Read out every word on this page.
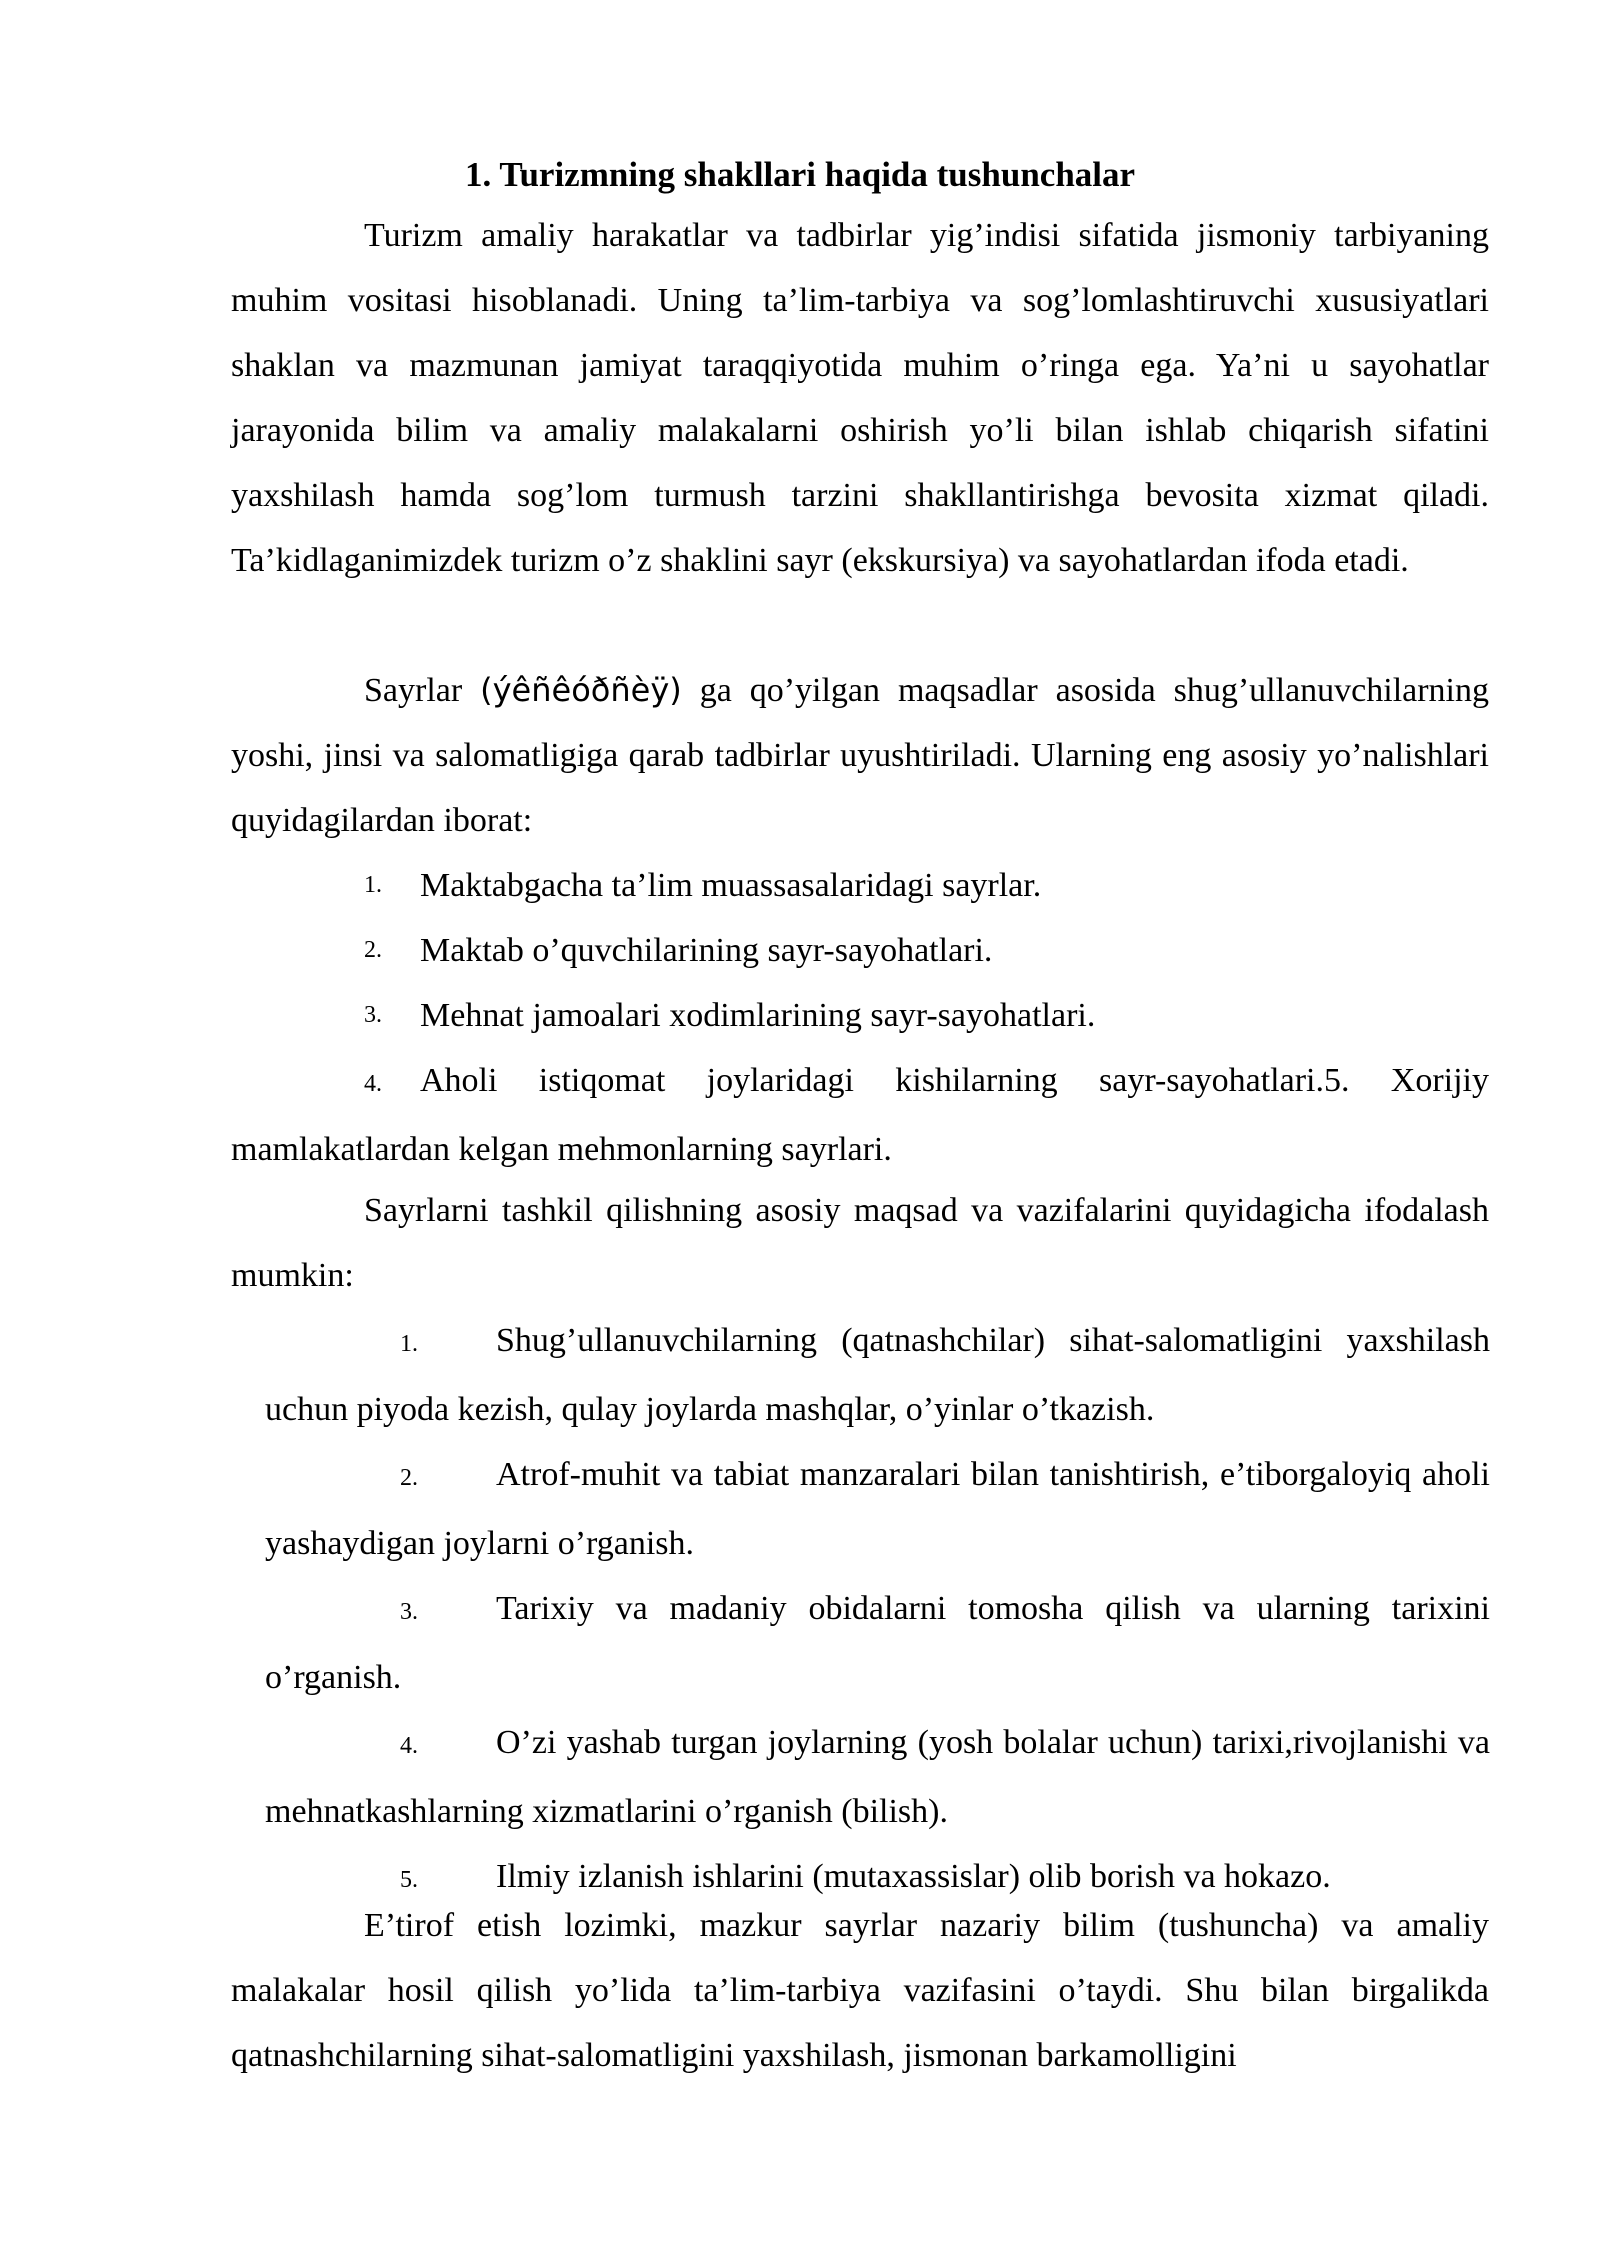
1. Turizmning shakllari haqida tushunchalar

Turizm amaliy harakatlar va tadbirlar yig’indisi sifatida jismoniy tarbiyaning muhim vositasi hisoblanadi. Uning ta’lim-tarbiya va sog’lomlashtiruvchi xususiyatlari shaklan va mazmunan jamiyat taraqqiyotida muhim o’ringa ega. Ya’ni u sayohatlar jarayonida bilim va amaliy malakalarni oshirish yo’li bilan ishlab chiqarish sifatini yaxshilash hamda sog’lom turmush tarzini shakllantirishga bevosita xizmat qiladi. Ta’kidlaganimizdek turizm o’z shaklini sayr (ekskursiya) va sayohatlardan ifoda etadi.

Sayrlar (ýêñêóðñèÿ) ga qo’yilgan maqsadlar asosida shug’ullanuvchilarning yoshi, jinsi va salomatligiga qarab tadbirlar uyushtiriladi. Ularning eng asosiy yo’nalishlari quyidagilardan iborat:

1.	Maktabgacha ta’lim muassasalaridagi sayrlar.
2.	Maktab o’quvchilarining sayr-sayohatlari.
3.	Mehnat jamoalari xodimlarining sayr-sayohatlari.
4. Aholi istiqomat joylaridagi kishilarning sayr-sayohatlari.5. Xorijiy mamlakatlardan kelgan mehmonlarning sayrlari.

Sayrlarni tashkil qilishning asosiy maqsad va vazifalarini quyidagicha ifodalash mumkin:

1. Shug’ullanuvchilarning (qatnashchilar) sihat-salomatligini yaxshilash uchun piyoda kezish, qulay joylarda mashqlar, o’yinlar o’tkazish.
2. Atrof-muhit va tabiat manzaralari bilan tanishtirish, e’tiborgaloyiq aholi yashaydigan joylarni o’rganish.
3. Tarixiy va madaniy obidalarni tomosha qilish va ularning tarixini o’rganish.
4. O’zi yashab turgan joylarning (yosh bolalar uchun) tarixi,rivojlanishi va mehnatkashlarning xizmatlarini o’rganish (bilish).
5. Ilmiy izlanish ishlarini (mutaxassislar) olib borish va hokazo.

E’tirof etish lozimki, mazkur sayrlar nazariy bilim (tushuncha) va amaliy malakalar hosil qilish yo’lida ta’lim-tarbiya vazifasini o’taydi. Shu bilan birgalikda qatnashchilarning sihat-salomatligini yaxshilash, jismonan barkamolligini
